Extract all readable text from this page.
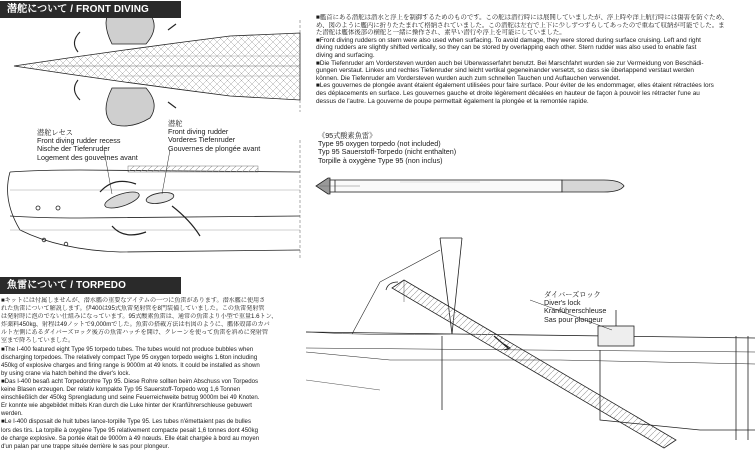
潜舵について / FRONT DIVING RUDDER
潜舵レセス
Front diving rudder recess
Nische der Tiefenruder
Logement des gouvernes avant
潜舵
Front diving rudder
Vorderes Tiefenruder
Gouvernes de plongée avant
■艦首にある潜舵は潜水と浮上を制御するためのものです。この舵は潜行時には展開していましたが、浮上時や洋上航行時には傷害を防ぐため、
め、図のように艦内に折りたたまれて格納されていました。この潜舵は左右で上下に少しずつずらしてあったので重ねて収納が可能でした。ま
た潜舵は艦体後部の横舵と一緒に操作され、素早い潜行や浮上を可能にしていました。
■Front diving rudders on stern were also used when surfacing. To avoid damage, they were stored during surface cruising. Left and right
diving rudders are slightly shifted vertically, so they can be stored by overlapping each other. Stern rudder was also used to enable fast
diving and surfacing.
■Die Tiefenruder am Vordersteven wurden auch bei Überwasserfahrt benutzt. Bei Marschfahrt wurden sie zur Vermeidung von Beschädi-
gungen verstaut. Linkes und rechtes Tiefenruder sind leicht vertikal gegeneinander versetzt, so dass sie überlappend verstaut werden
können. Die Tiefenruder am Vordersteven wurden auch zum schnellen Tauchen und Auftauchen verwendet.
■Les gouvernes de plongée avant étaient également utilisées pour faire surface. Pour éviter de les endommager, elles étaient rétractées lors
des déplacements en surface. Les gouvernes gauche et droite légèrement décalées en hauteur de façon à pouvoir les rétracter l'une au
dessus de l'autre. La gouverne de poupe permettait également la plongée et la remontée rapide.
《95式酸素魚雷》
Type 95 oxygen torpedo (not included)
Typ 95 Sauerstoff-Torpedo (nicht enthalten)
Torpille à oxygène Type 95 (non inclus)
魚雷について / TORPEDO
■キットには付属しませんが、潜水艦の重要なアイテムの一つに魚雷があります。潜水艦に使用さ
れた魚雷について解説します。伊400は95式魚雷発射管を8門装備していました。この魚雷発射管
は発射時に泡のでない仕組みになっています。95式酸素魚雷は、通常の魚雷より小型で重量1.6トン、
炸薬料450kg、射程は49ノットで9,000mでした。魚雷の搭載方法は右図のように、艦体殻部のカバ
ルト左側にあるダイバーズロック後方の魚雷ハッチを開け、クレーンを使って魚雷を斜めに発射管
室まで降ろしていました。
■The I-400 featured eight Type 95 torpedo tubes. The tubes would not produce bubbles when
discharging torpedoes. The relatively compact Type 95 oxygen torpedo weighs 1.6ton including
450kg of explosive charges and firing range is 9000m at 49 knots. It could be installed as shown
by using crane via hatch behind the diver's lock.
■Das I-400 besaß acht Torpedorohre Typ 95. Diese Rohre sollten beim Abschuss von Torpedos
keine Blasen erzeugen. Der relativ kompakte Typ 95 Sauerstoff-Torpedo wog 1,6 Tonnen
einschließlich der 450kg Sprengladung und seine Feuerreichweite betrug 9000m bei 49 Knoten.
Er konnte wie abgebildet mittels Kran durch die Luke hinter der Kranführerschleuse gebuwert
werden.
■Le I-400 disposait de huit tubes lance-torpille Type 95. Les tubes n'émettaient pas de bulles
lors des tirs. La torpille à oxygène Type 95 relativement compacte pesait 1,6 tonnes dont 450kg
de charge explosive. Sa portée était de 9000m à 49 nœuds. Elle était chargée à bord au moyen
d'un palan par une trappe située derrière le sas pour plongeur.
ダイバーズロック
Diver's lock
Kranführerschleuse
Sas pour plongeur
